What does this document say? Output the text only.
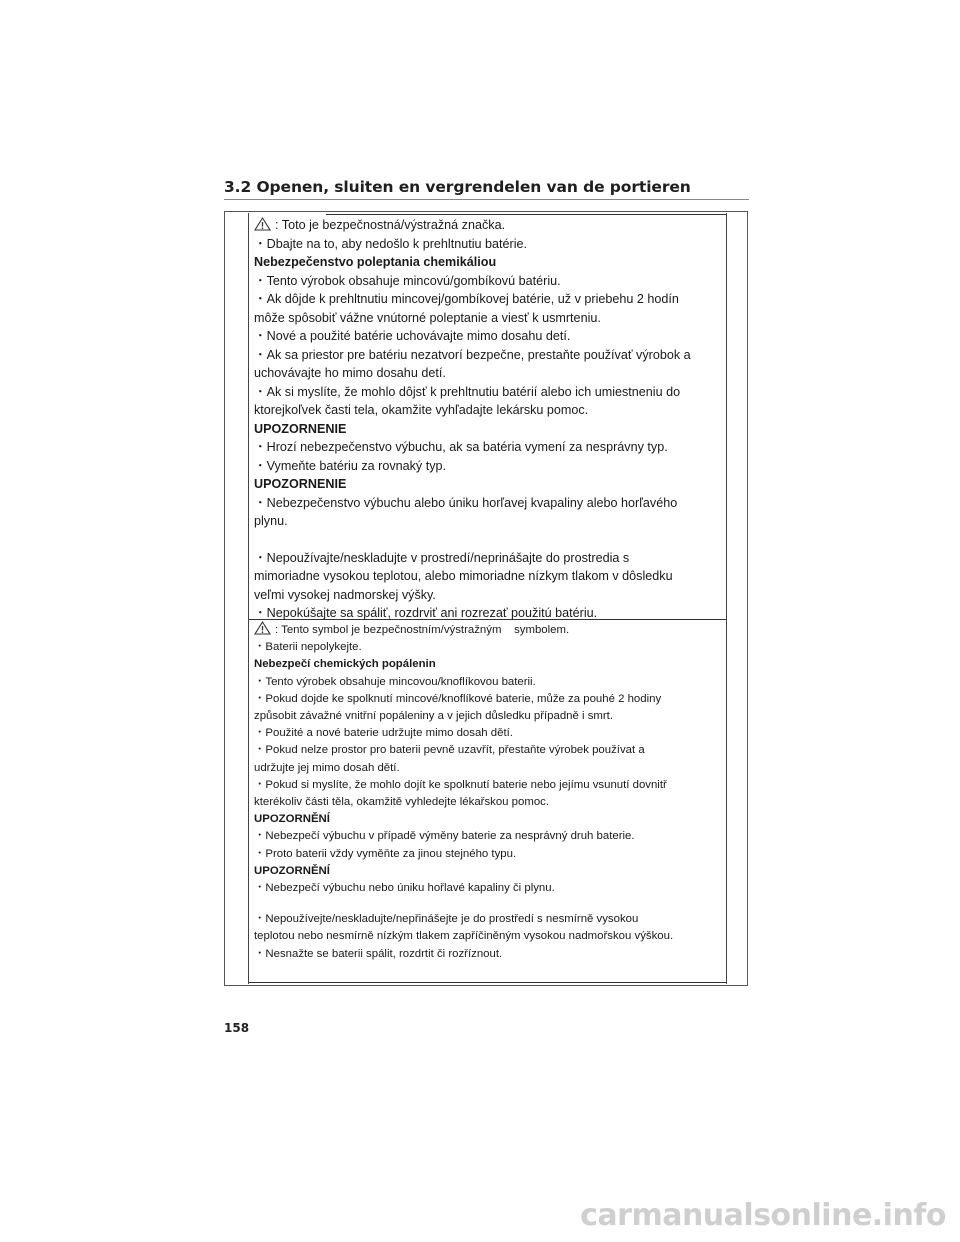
3.2 Openen, sluiten en vergrendelen van de portieren
: Toto je bezpečnostná/výstražná značka.
・Dbajte na to, aby nedošlo k prehltnutiu batérie.
Nebezpečenstvo poleptania chemikáliou
・Tento výrobok obsahuje mincovú/gombíkovú batériu.
・Ak dôjde k prehltnutiu mincovej/gombíkovej batérie, už v priebehu 2 hodín
môže spôsobiť vážne vnútorné poleptanie a viesť k usmrteniu.
・Nové a použité batérie uchovávajte mimo dosahu detí.
・Ak sa priestor pre batériu nezatvorí bezpečne, prestaňte používať výrobok a
uchovávajte ho mimo dosahu detí.
・Ak si myslíte, že mohlo dôjsť k prehltnutiu batérií alebo ich umiestneniu do
ktorejkoľvek časti tela, okamžite vyhľadajte lekársku pomoc.
UPOZORNENIE
・Hrozí nebezpečenstvo výbuchu, ak sa batéria vymení za nesprávny typ.
・Vymeňte batériu za rovnaký typ.
UPOZORNENIE
・Nebezpečenstvo výbuchu alebo úniku horľavej kvapaliny alebo horľavého
plynu.
・Nepoužívajte/neskladujte v prostredí/neprinášajte do prostredia s
mimoriadne vysokou teplotou, alebo mimoriadne nízkym tlakom v dôsledku
veľmi vysokej nadmorskej výšky.
・Nepokúšajte sa spáliť, rozdrviť ani rozrezať použitú batériu.
: Tento symbol je bezpečnostním/výstražným    symbolem.
・Baterii nepolykejte.
Nebezpečí chemických popálenin
・Tento výrobek obsahuje mincovou/knoflíkovou baterii.
・Pokud dojde ke spolknutí mincové/knoflíkové baterie, může za pouhé 2 hodiny
způsobit závažné vnitřní popáleniny a v jejich důsledku případně i smrt.
・Použité a nové baterie udržujte mimo dosah dětí.
・Pokud nelze prostor pro baterii pevně uzavřít, přestaňte výrobek používat a
udržujte jej mimo dosah dětí.
・Pokud si myslíte, že mohlo dojít ke spolknutí baterie nebo jejímu vsunutí dovnitř
kterékoliv části těla, okamžitě vyhledejte lékařskou pomoc.
UPOZORNĚNÍ
・Nebezpečí výbuchu v případě výměny baterie za nesprávný druh baterie.
・Proto baterii vždy vyměňte za jinou stejného typu.
UPOZORNĚNÍ
・Nebezpečí výbuchu nebo úniku hořlavé kapaliny či plynu.
・Nepoužívejte/neskladujte/nepřinášejte je do prostředí s nesmírně vysokou
teplotou nebo nesmírně nízkým tlakem zapříčiněným vysokou nadmořskou výškou.
・Nesnažte se baterii spálit, rozdrtit či rozříznout.
158
carmanualsonline.info
